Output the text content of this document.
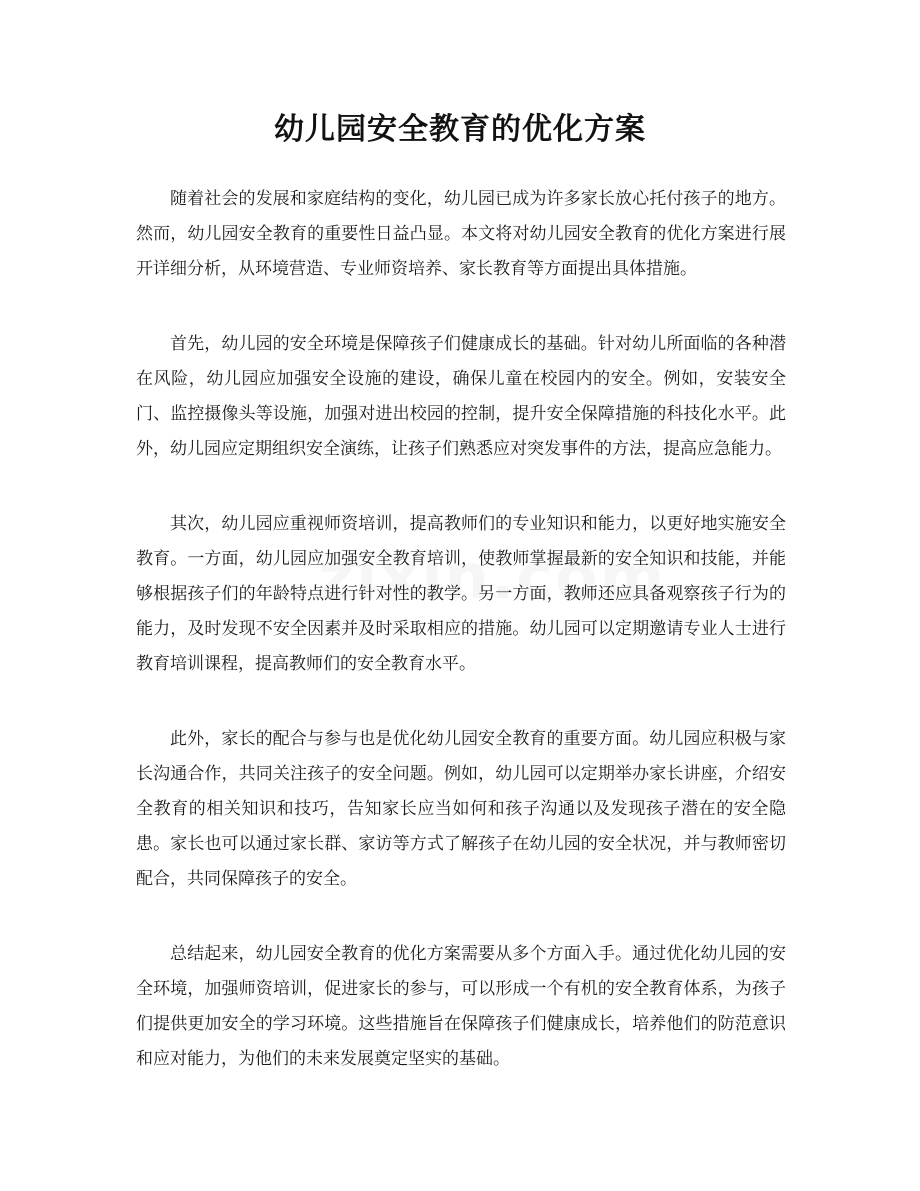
幼儿园安全教育的优化方案

随着社会的发展和家庭结构的变化，幼儿园已成为许多家长放心托付孩子的地方。然而，幼儿园安全教育的重要性日益凸显。本文将对幼儿园安全教育的优化方案进行展开详细分析，从环境营造、专业师资培养、家长教育等方面提出具体措施。

首先，幼儿园的安全环境是保障孩子们健康成长的基础。针对幼儿所面临的各种潜在风险，幼儿园应加强安全设施的建设，确保儿童在校园内的安全。例如，安装安全门、监控摄像头等设施，加强对进出校园的控制，提升安全保障措施的科技化水平。此外，幼儿园应定期组织安全演练，让孩子们熟悉应对突发事件的方法，提高应急能力。

其次，幼儿园应重视师资培训，提高教师们的专业知识和能力，以更好地实施安全教育。一方面，幼儿园应加强安全教育培训，使教师掌握最新的安全知识和技能，并能够根据孩子们的年龄特点进行针对性的教学。另一方面，教师还应具备观察孩子行为的能力，及时发现不安全因素并及时采取相应的措施。幼儿园可以定期邀请专业人士进行教育培训课程，提高教师们的安全教育水平。

此外，家长的配合与参与也是优化幼儿园安全教育的重要方面。幼儿园应积极与家长沟通合作，共同关注孩子的安全问题。例如，幼儿园可以定期举办家长讲座，介绍安全教育的相关知识和技巧，告知家长应当如何和孩子沟通以及发现孩子潜在的安全隐患。家长也可以通过家长群、家访等方式了解孩子在幼儿园的安全状况，并与教师密切配合，共同保障孩子的安全。

总结起来，幼儿园安全教育的优化方案需要从多个方面入手。通过优化幼儿园的安全环境，加强师资培训，促进家长的参与，可以形成一个有机的安全教育体系，为孩子们提供更加安全的学习环境。这些措施旨在保障孩子们健康成长，培养他们的防范意识和应对能力，为他们的未来发展奠定坚实的基础。
